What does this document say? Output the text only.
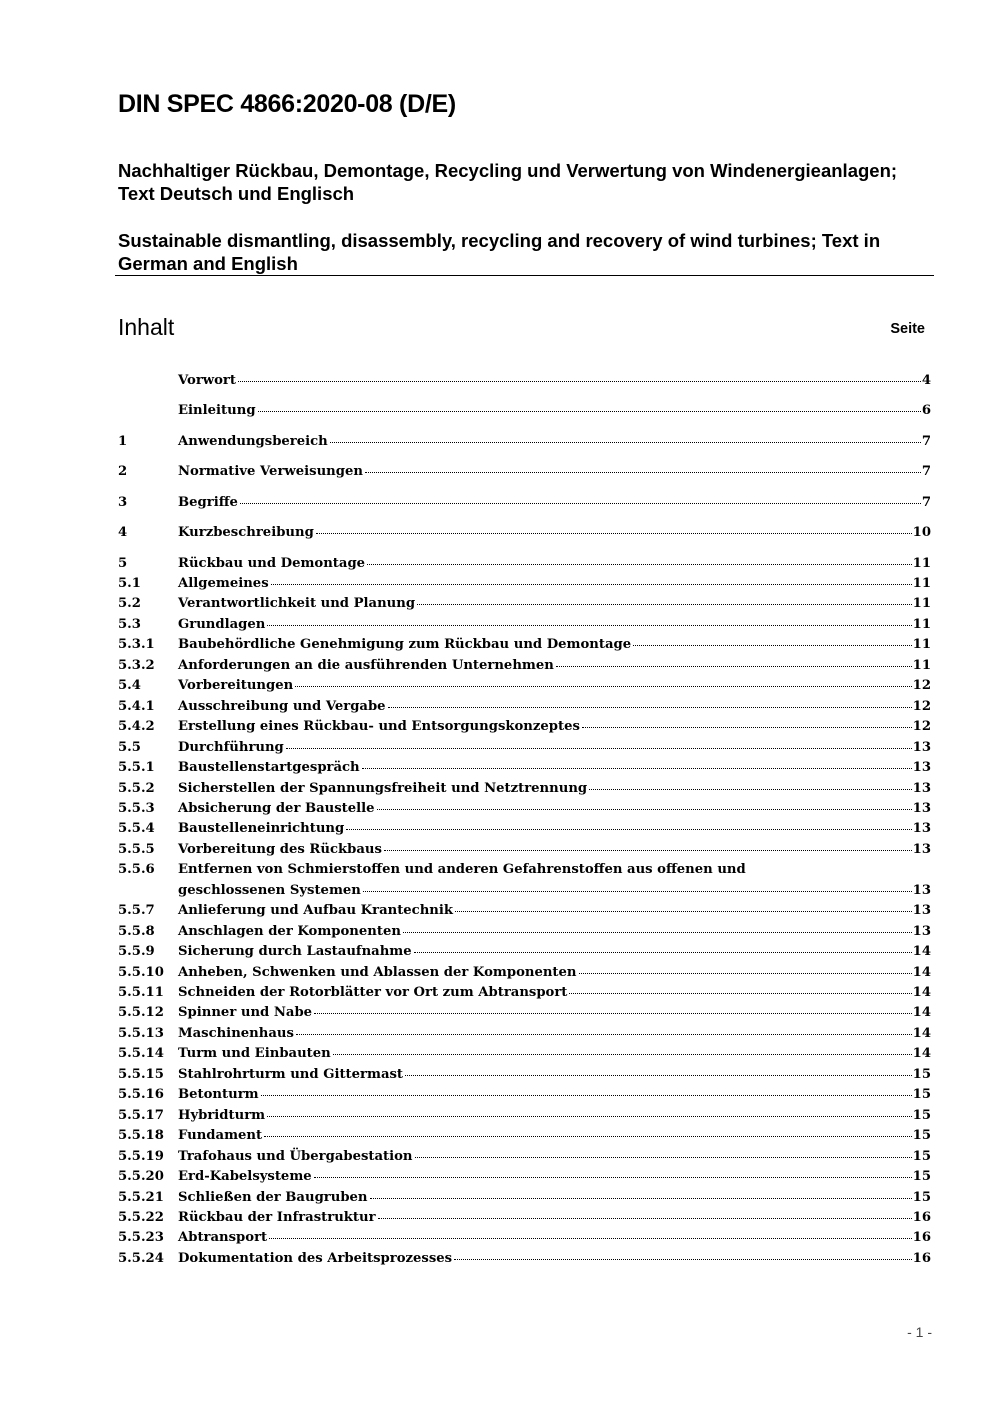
DIN SPEC 4866:2020-08 (D/E)
Nachhaltiger Rückbau, Demontage, Recycling und Verwertung von Windenergieanlagen; Text Deutsch und Englisch
Sustainable dismantling, disassembly, recycling and recovery of wind turbines; Text in German and English
Inhalt	Seite
Vorwort	4
Einleitung	6
1	Anwendungsbereich	7
2	Normative Verweisungen	7
3	Begriffe	7
4	Kurzbeschreibung	10
5	Rückbau und Demontage	11
5.1	Allgemeines	11
5.2	Verantwortlichkeit und Planung	11
5.3	Grundlagen	11
5.3.1	Baubehördliche Genehmigung zum Rückbau und Demontage	11
5.3.2	Anforderungen an die ausführenden Unternehmen	11
5.4	Vorbereitungen	12
5.4.1	Ausschreibung und Vergabe	12
5.4.2	Erstellung eines Rückbau- und Entsorgungskonzeptes	12
5.5	Durchführung	13
5.5.1	Baustellenstartgespräch	13
5.5.2	Sicherstellen der Spannungsfreiheit und Netztrennung	13
5.5.3	Absicherung der Baustelle	13
5.5.4	Baustelleneinrichtung	13
5.5.5	Vorbereitung des Rückbaus	13
5.5.6	Entfernen von Schmierstoffen und anderen Gefahrenstoffen aus offenen und
geschlossenen Systemen	13
5.5.7	Anlieferung und Aufbau Krantechnik	13
5.5.8	Anschlagen der Komponenten	13
5.5.9	Sicherung durch Lastaufnahme	14
5.5.10	Anheben, Schwenken und Ablassen der Komponenten	14
5.5.11	Schneiden der Rotorblätter vor Ort zum Abtransport	14
5.5.12	Spinner und Nabe	14
5.5.13	Maschinenhaus	14
5.5.14	Turm und Einbauten	14
5.5.15	Stahlrohrturm und Gittermast	15
5.5.16	Betonturm	15
5.5.17	Hybridturm	15
5.5.18	Fundament	15
5.5.19	Trafohaus und Übergabestation	15
5.5.20	Erd-Kabelsysteme	15
5.5.21	Schließen der Baugruben	15
5.5.22	Rückbau der Infrastruktur	16
5.5.23	Abtransport	16
5.5.24	Dokumentation des Arbeitsprozesses	16
- 1 -
